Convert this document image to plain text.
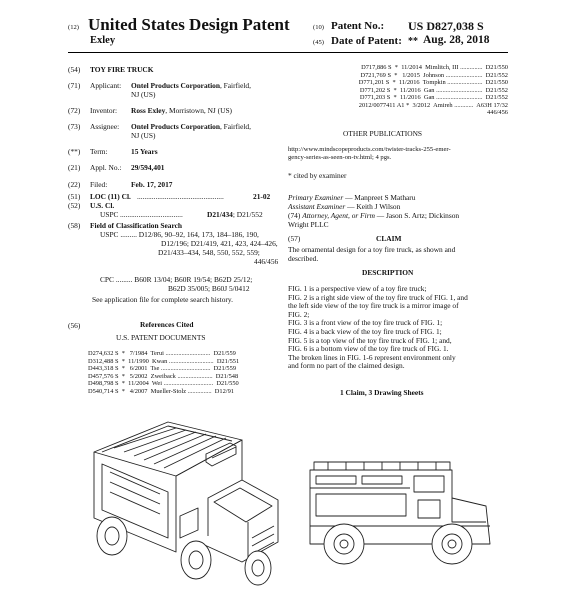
(12) United States Design Patent	(10) Patent No.: US D827,038 S
Exley	(45) Date of Patent: ** Aug. 28, 2018
(54) TOY FIRE TRUCK
(71) Applicant: Ontel Products Corporation, Fairfield,
NJ (US)
(72) Inventor: Ross Exley, Morristown, NJ (US)
(73) Assignee: Ontel Products Corporation, Fairfield,
NJ (US)
(**) Term:	15 Years
(21) Appl. No.: 29/594,401
(22) Filed:	Feb. 17, 2017
(51) LOC (11) Cl. ...............................................	21-02
(52) U.S. Cl.
USPC ..................................	D21/434; D21/552
(58) Field of Classification Search
USPC ......... D12/86, 90–92, 164, 173, 184–186, 190,
D12/196; D21/419, 421, 423, 424–426,
D21/433–434, 548, 550, 552, 559;
446/456
CPC ......... B60R 13/04; B60R 19/54; B62D 25/12;
B62D 35/005; B60J 5/0412
See application file for complete search history.
(56)	References Cited
U.S. PATENT DOCUMENTS
D274,632 S  *   7/1984  Terui ............................  D21/559
D312,488 S  *  11/1990  Kwan ............................  D21/551
D443,318 S  *   6/2001  Tse ...............................  D21/559
D457,576 S  *   5/2002  Zweiback ......................  D21/548
D498,798 S  *  11/2004  Wei ...............................  D21/550
D540,714 S  *   4/2007  Mueller-Stolz ...............  D12/91
D717,886 S  *  11/2014  Mimlitch, III ..............  D21/550
D721,769 S  *   1/2015  Johnson .......................  D21/552
D771,201 S  *  11/2016  Tompkin ......................  D21/550
D771,202 S  *  11/2016  Gan .............................  D21/552
D771,203 S  *  11/2016  Gan .............................  D21/552
2012/0077411 A1 *  3/2012  Amireh ............  A63H 17/32
446/456
OTHER PUBLICATIONS
http://www.mindscopeproducts.com/twister-tracks-255-emer-
gency-series-as-seen-on-tv.html; 4 pgs.
* cited by examiner
Primary Examiner — Manpreet S Matharu
Assistant Examiner — Keith J Wilson
(74) Attorney, Agent, or Firm — Jason S. Artz; Dickinson
Wright PLLC
(57)	CLAIM
The ornamental design for a toy fire truck, as shown and
described.
DESCRIPTION

FIG. 1 is a perspective view of a toy fire truck;

FIG. 2 is a right side view of the toy fire truck of FIG. 1, and

the left side view of the toy fire truck is a mirror image of

FIG. 2;

FIG. 3 is a front view of the toy fire truck of FIG. 1;

FIG. 4 is a back view of the toy fire truck of FIG. 1;

FIG. 5 is a top view of the toy fire truck of FIG. 1; and,

FIG. 6 is a bottom view of the toy fire truck of FIG. 1.

The broken lines in FIG. 1-6 represent environment only

and form no part of the claimed design.

1 Claim, 3 Drawing Sheets
